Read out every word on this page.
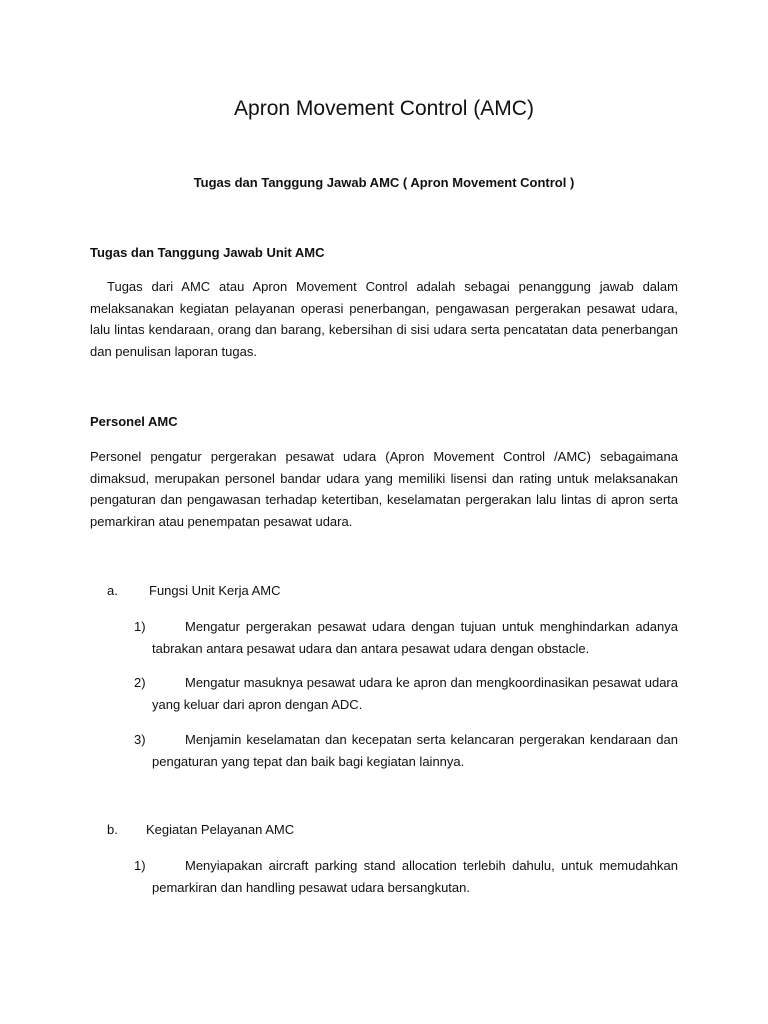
Apron Movement Control (AMC)
Tugas dan Tanggung Jawab AMC ( Apron Movement Control )
Tugas dan Tanggung Jawab Unit AMC

Tugas dari AMC atau Apron Movement Control adalah sebagai penanggung jawab dalam melaksanakan kegiatan pelayanan operasi penerbangan, pengawasan pergerakan pesawat udara, lalu lintas kendaraan, orang dan barang, kebersihan di sisi udara serta pencatatan data penerbangan dan penulisan laporan tugas.

Personel AMC

Personel pengatur pergerakan pesawat udara (Apron Movement Control /AMC) sebagaimana dimaksud, merupakan personel bandar udara yang memiliki lisensi dan rating untuk melaksanakan pengaturan dan pengawasan terhadap ketertiban, keselamatan pergerakan lalu lintas di apron serta pemarkiran atau penempatan pesawat udara.

a. Fungsi Unit Kerja AMC
1)	Mengatur pergerakan pesawat udara dengan tujuan untuk menghindarkan adanya tabrakan antara pesawat udara dan antara pesawat udara dengan obstacle.

2)	Mengatur masuknya pesawat udara ke apron dan mengkoordinasikan pesawat udara yang keluar dari apron dengan ADC.

3)	Menjamin keselamatan dan kecepatan serta kelancaran pergerakan kendaraan dan pengaturan yang tepat dan baik bagi kegiatan lainnya.

b. Kegiatan Pelayanan AMC
1)	Menyiapakan aircraft parking stand allocation terlebih dahulu, untuk memudahkan pemarkiran dan handling pesawat udara bersangkutan.
